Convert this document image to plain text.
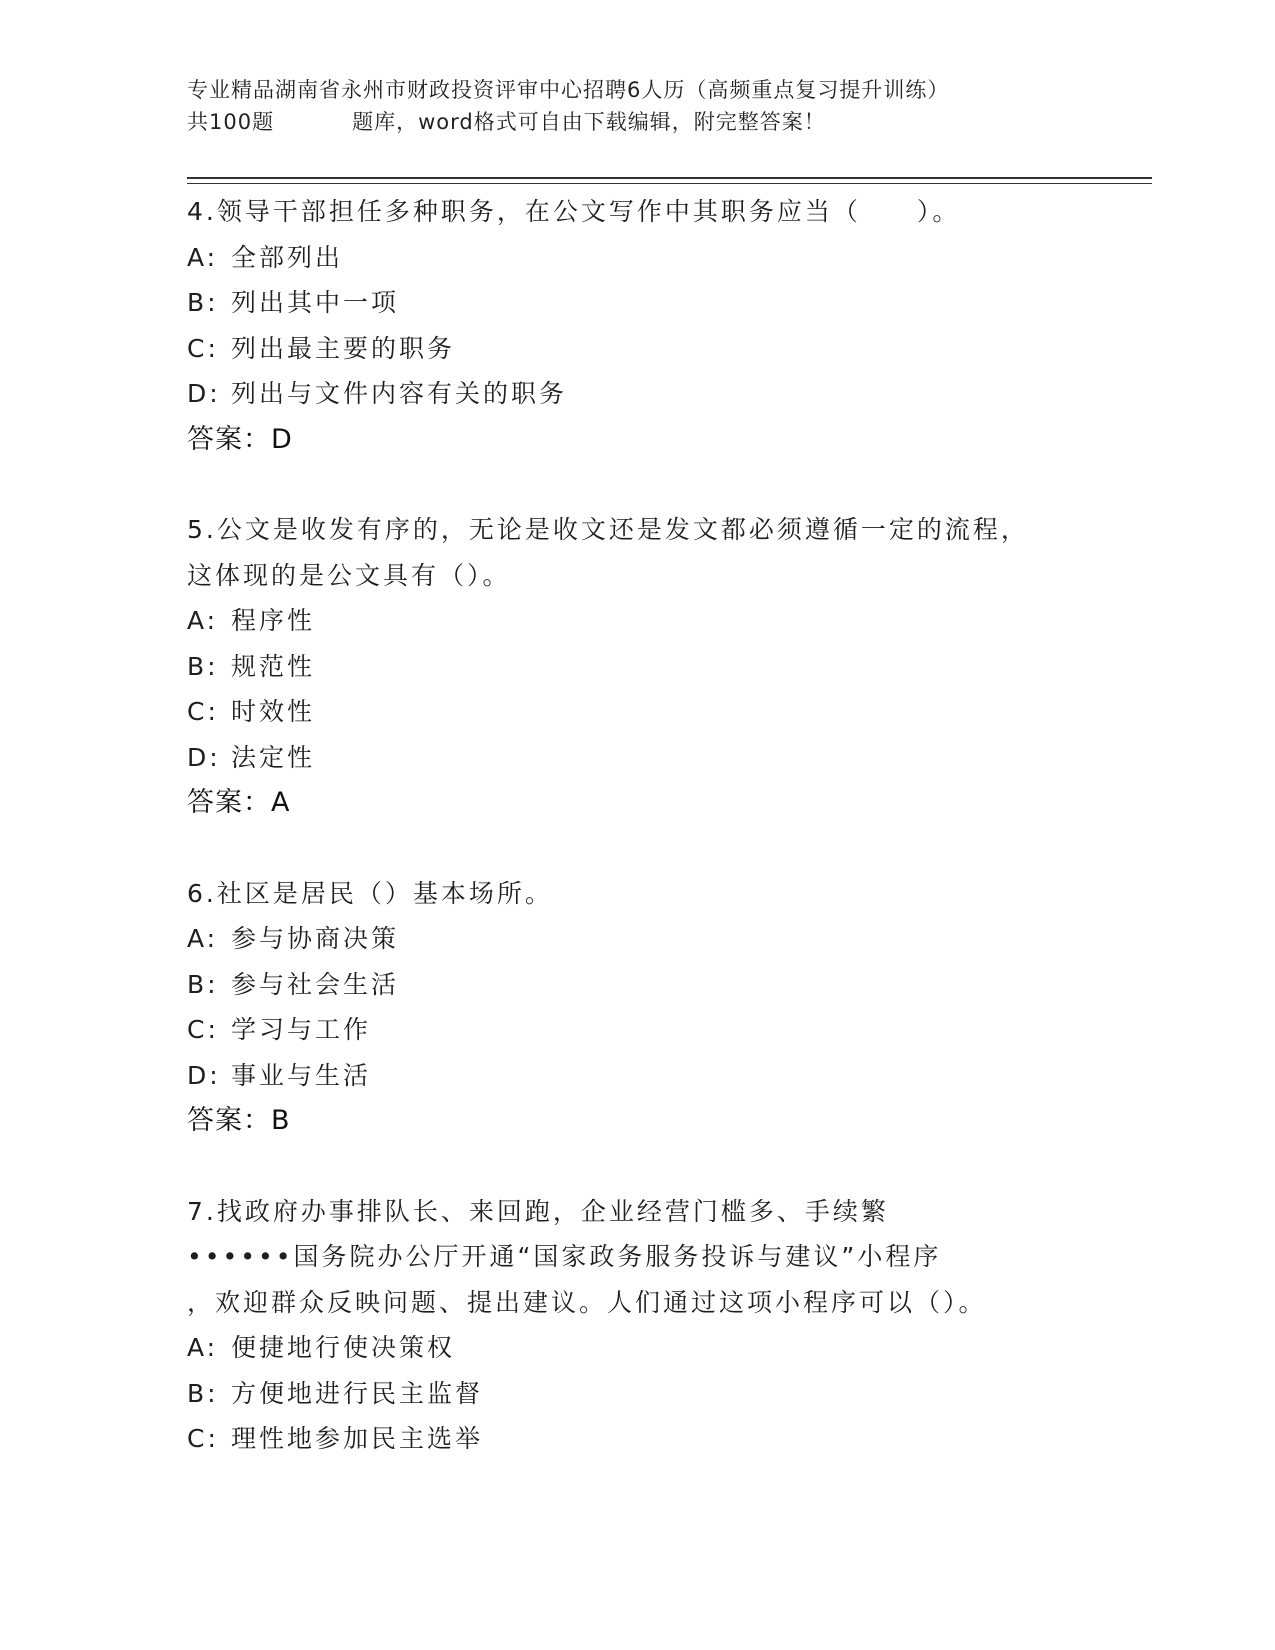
专业精品湖南省永州市财政投资评审中心招聘6人历（高频重点复习提升训练）
共100题	题库，word格式可自由下载编辑，附完整答案！
4.领导干部担任多种职务，在公文写作中其职务应当（　　）。
A: 全部列出
B: 列出其中一项
C: 列出最主要的职务
D: 列出与文件内容有关的职务
答案：D
5.公文是收发有序的，无论是收文还是发文都必须遵循一定的流程，
这体现的是公文具有（）。
A: 程序性
B: 规范性
C: 时效性
D: 法定性
答案：A
6.社区是居民（）基本场所。
A: 参与协商决策
B: 参与社会生活
C: 学习与工作
D: 事业与生活
答案：B
7.找政府办事排队长、来回跑，企业经营门槛多、手续繁
••••••国务院办公厅开通“国家政务服务投诉与建议”小程序
，欢迎群众反映问题、提出建议。人们通过这项小程序可以（）。
A: 便捷地行使决策权
B: 方便地进行民主监督
C: 理性地参加民主选举
